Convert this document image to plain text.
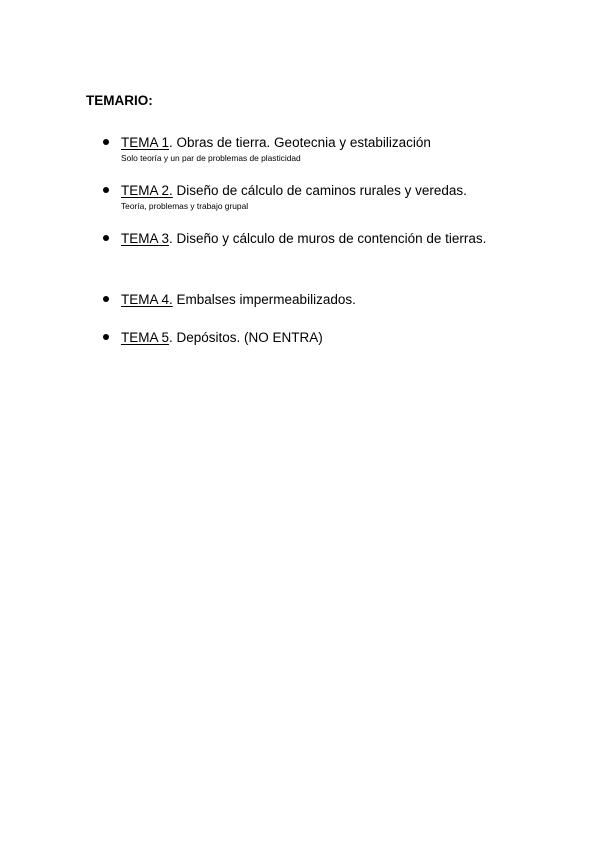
TEMARIO:
TEMA 1. Obras de tierra. Geotecnia y estabilización
Solo teoría y un par de problemas de plasticidad
TEMA 2. Diseño de cálculo de caminos rurales y veredas.
Teoría, problemas y trabajo grupal
TEMA 3. Diseño y cálculo de muros de contención de tierras.
TEMA 4. Embalses impermeabilizados.
TEMA 5. Depósitos. (NO ENTRA)
